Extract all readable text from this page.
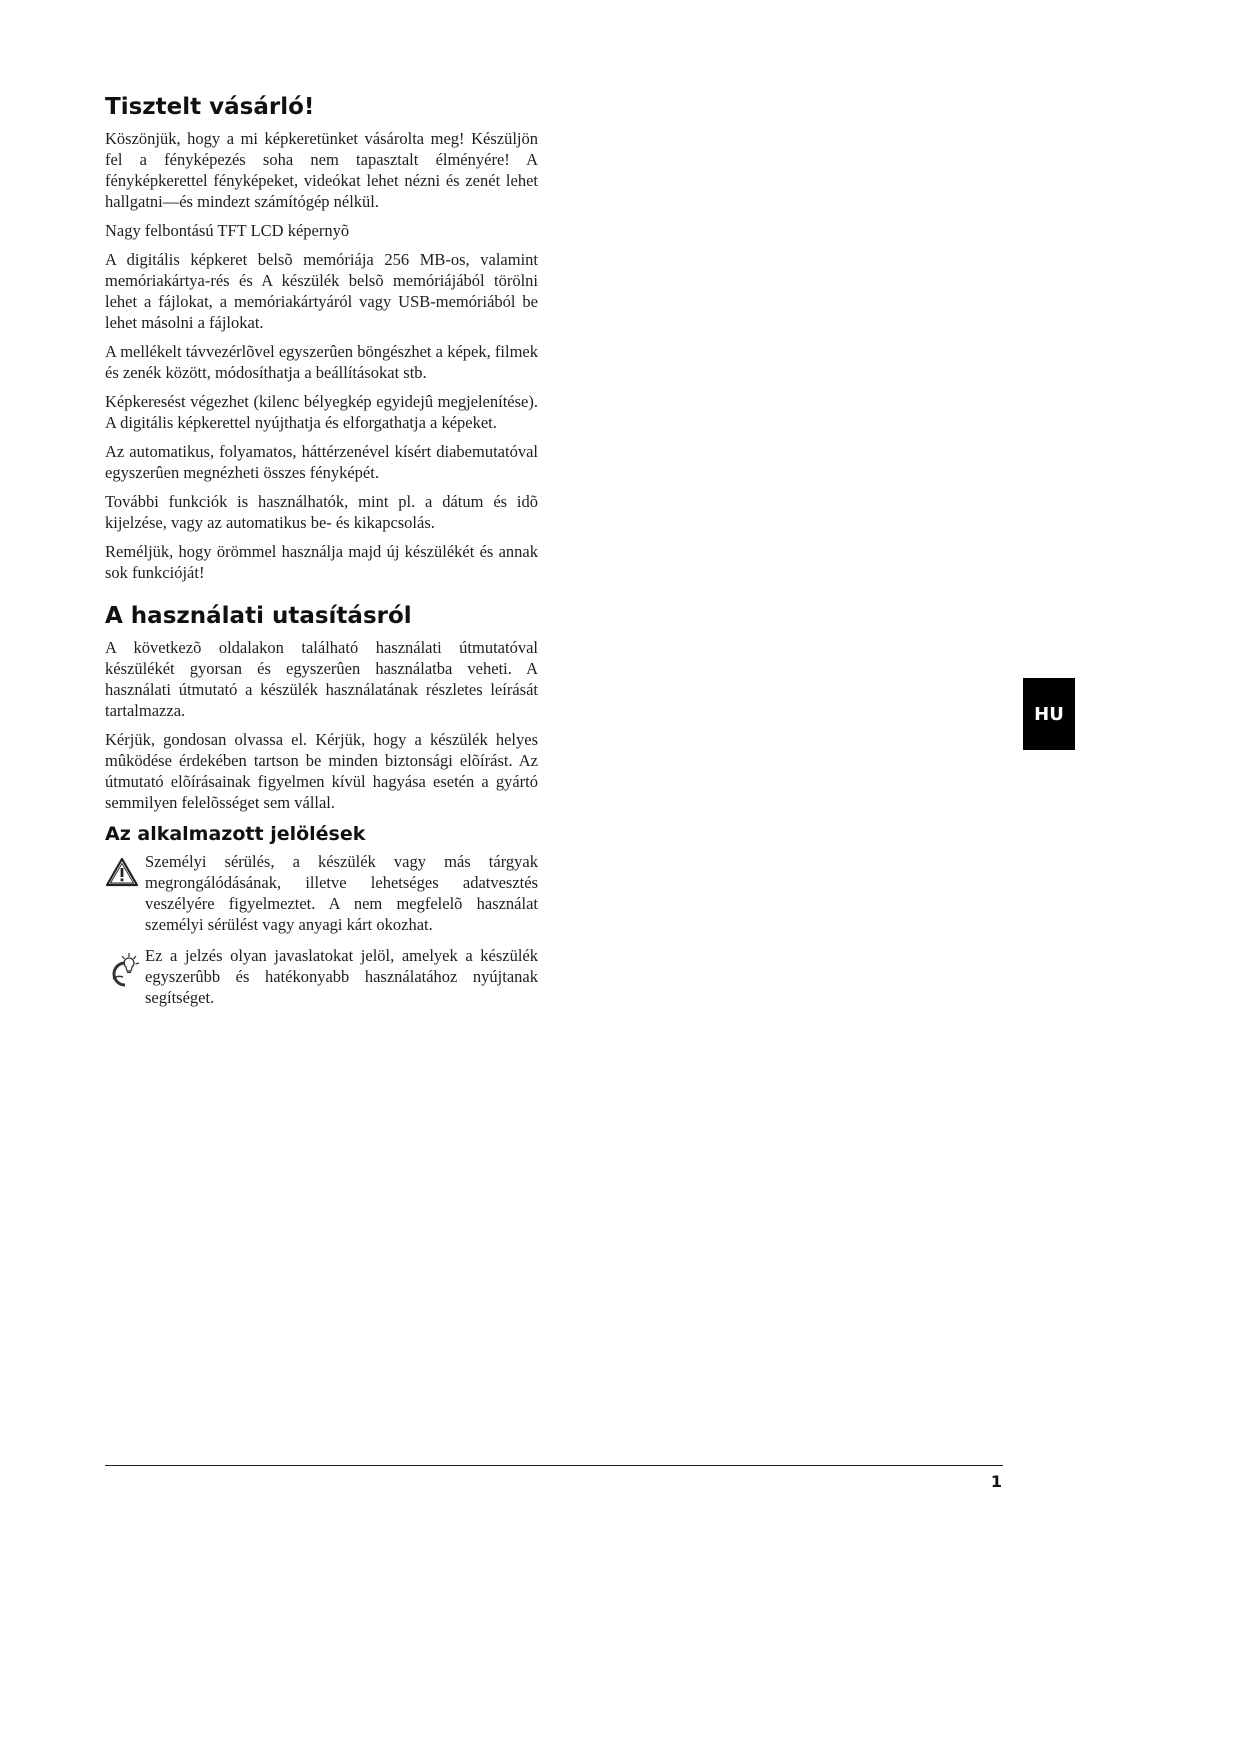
Tisztelt vásárló!

Köszönjük, hogy a mi képkeretünket vásárolta meg! Készüljön fel a fényképezés soha nem tapasztalt élményére! A fényképkerettel fényképeket, videókat lehet nézni és zenét lehet hallgatni—és mindezt számítógép nélkül.

Nagy felbontású TFT LCD képernyõ

A digitális képkeret belsõ memóriája 256 MB-os, valamint memóriakártya-rés és A készülék belsõ memóriájából törölni lehet a fájlokat, a memóriakártyáról vagy USB-memóriából be lehet másolni a fájlokat.

A mellékelt távvezérlõvel egyszerûen böngészhet a képek, filmek és zenék között, módosíthatja a beállításokat stb.

Képkeresést végezhet (kilenc bélyegkép egyidejû megjelenítése). A digitális képkerettel nyújthatja és elforgathatja a képeket.

Az automatikus, folyamatos, háttérzenével kísért diabemutatóval egyszerûen megnézheti összes fényképét.

További funkciók is használhatók, mint pl. a dátum és idõ kijelzése, vagy az automatikus be- és kikapcsolás.

Reméljük, hogy örömmel használja majd új készülékét és annak sok funkcióját!

A használati utasításról

A következõ oldalakon található használati útmutatóval készülékét gyorsan és egyszerûen használatba veheti. A használati útmutató a készülék használatának részletes leírását tartalmazza.

Kérjük, gondosan olvassa el. Kérjük, hogy a készülék helyes mûködése érdekében tartson be minden biztonsági elõírást. Az útmutató elõírásainak figyelmen kívül hagyása esetén a gyártó semmilyen felelõsséget sem vállal.

Az alkalmazott jelölések

Személyi sérülés, a készülék vagy más tárgyak megrongálódásának, illetve lehetséges adatvesztés veszélyére figyelmeztet. A nem megfelelõ használat személyi sérülést vagy anyagi kárt okozhat.

Ez a jelzés olyan javaslatokat jelöl, amelyek a készülék egyszerûbb és hatékonyabb használatához nyújtanak segítséget.

HU
1
